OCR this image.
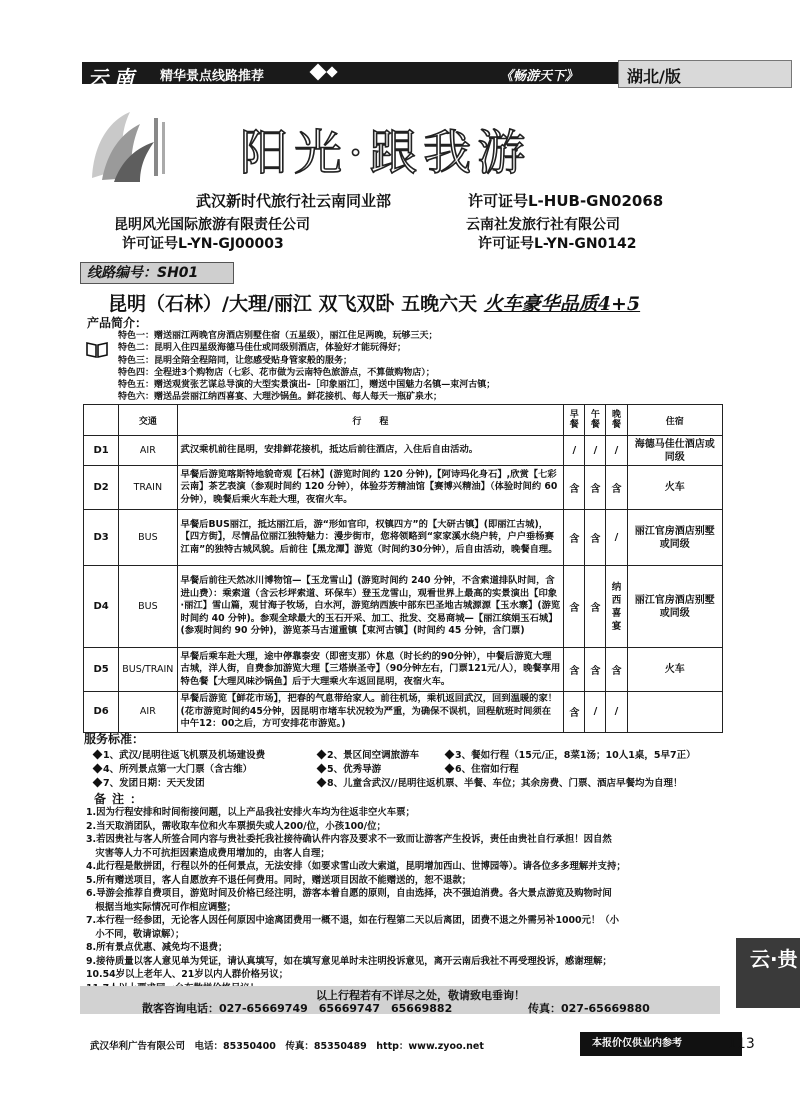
云南 精华景点线路推荐	《畅游天下》	湖北/版
阳光·跟我游
武汉新时代旅行社云南同业部	许可证号L-HUB-GN02068
昆明风光国际旅游有限责任公司
许可证号L-YN-GJ00003
云南社发旅行社有限公司
许可证号L-YN-GN0142
线路编号：SH01
昆明（石林）/大理/丽江 双飞双卧 五晚六天 火车豪华品质4+5
产品简介：
特色一：赠送丽江两晚官房酒店别墅住宿（五星级），丽江住足两晚，玩够三天；
特色二：昆明入住四星级海德马佳仕或同级别酒店，体验好才能玩得好；
特色三：昆明全陪全程陪同，让您感受贴身管家般的服务；
特色四：全程进3个购物店（七彩、花市做为云南特色旅游点，不算做购物店）；
特色五：赠送观赏张艺谋总导演的大型实景演出-［印象丽江］，赠送中国魅力名镇—束河古镇；
特色六：赠送品尝丽江纳西喜宴、大理沙锅鱼。鲜花接机、每人每天一瓶矿泉水；
	交通	行　　程	早餐	午餐	晚餐	住宿
D1	AIR	武汉乘机前往昆明，安排鲜花接机，抵达后前往酒店，入住后自由活动。	/	/	/	海德马佳仕酒店或同级
D2	TRAIN	早餐后游览喀斯特地貌奇观【石林】(游览时间约 120 分钟),【阿诗玛化身石】,欣赏【七彩云南】茶艺表演（参观时间约 120 分钟），体验芬芳精油馆【赛博兴精油】（体验时间约 60 分钟），晚餐后乘火车赴大理，夜宿火车。	含	含	含	火车
D3	BUS	早餐后BUS丽江，抵达丽江后，游“形如官印，权镇四方”的【大研古镇】(即丽江古城)，【四方街】，尽情品位丽江独特魅力：漫步街市，您将领略到“家家溪水绕户转，户户垂杨赛江南”的独特古城风貌。后前往【黑龙潭】游览（时间约30分钟），后自由活动，晚餐自理。	含	含	/	丽江官房酒店别墅或同级
D4	BUS	早餐后前往天然冰川博物馆—【玉龙雪山】(游览时间约 240 分钟，不含索道排队时间，含进山费）：乘索道（含云杉坪索道、环保车）登玉龙雪山，观看世界上最高的实景演出【印象·丽江】雪山篇，观甘海子牧场，白水河，游览纳西族中部东巴圣地古城源源【玉水寨】(游览时间约 40 分钟)。参观全球最大的玉石开采、加工、批发、交易商城—【丽江缤娟玉石城】(参观时间约 90 分钟)，游览茶马古道重镇【束河古镇】(时间约 45 分钟，含门票)	含	含	纳西喜宴	丽江官房酒店别墅或同级
D5	BUS/TRAIN	早餐后乘车赴大理，途中停靠泰安（即密支那）休息（时长约的90分钟），中餐后游览大理古城，洋人街，自费参加游览大理【三塔崇圣寺】（90分钟左右，门票121元/人），晚餐享用特色餐【大理风味沙锅鱼】后于大理乘火车返回昆明，夜宿火车。	含	含	含	火车
D6	AIR	早餐后游览【鲜花市场】，把春的气息带给家人。前往机场，乘机返回武汉，回到温暖的家！(花市游览时间约45分钟，因昆明市堵车状况较为严重，为确保不误机，回程航班时间须在中午12：00之后，方可安排花市游览。)	含	/	/	
服务标准：
1、武汉/昆明往返飞机票及机场建设费	2、景区间空调旅游车	3、餐如行程（15元/正，8菜1汤；10人1桌，5早7正）
4、所列景点第一大门票（含古维）	5、优秀导游	6、住宿如行程
7、发团日期：天天发团	8、儿童含武汉//昆明往返机票、半餐、车位；其余房费、门票、酒店早餐均为自理！
备注：
1.因为行程安排和时间衔接问题，以上产品我社安排火车均为往返非空火车票；
2.当天取消团队，需收取车位和火车票损失或人200/位，小孩100/位；
3.若因贵社与客人所签合同内容与贵社委托我社接待确认件内容及要求不一致而让游客产生投诉，责任由贵社自行承担！因自然
　灾害等人力不可抗拒因素造成费用增加的，由客人自理；
4.此行程是散拼团，行程以外的任何景点，无法安排（如要求雪山改大索道，昆明增加西山、世博园等）。请各位多多理解并支持；
5.所有赠送项目，客人自愿放弃不退任何费用。同时，赠送项目因故不能赠送的，恕不退款；
6.导游会推荐自费项目，游览时间及价格已经注明，游客本着自愿的原则，自由选择，决不强迫消费。各大景点游览及购物时间
　根据当地实际情况可作相应调整；
7.本行程一经参团，无论客人因任何原因中途离团费用一概不退，如在行程第二天以后离团，团费不退之外需另补1000元！（小
　小不同，敬请谅解）；
8.所有景点优惠、减免均不退费；
9.接待质量以客人意见单为凭证，请认真填写，如在填写意见单时未注明投诉意见，离开云南后我社不再受理投诉，感谢理解；
10.54岁以上老年人、21岁以内人群价格另议；
以上行程若有不详尽之处，敬请致电垂询！
散客咨询电话：027-65669749　65669747　65669882	传真：027-65669880
云·贵
武汉华利广告有限公司　电话：85350400　传真：85350489　http：www.zyoo.net	本报价仅供业内参考	113
